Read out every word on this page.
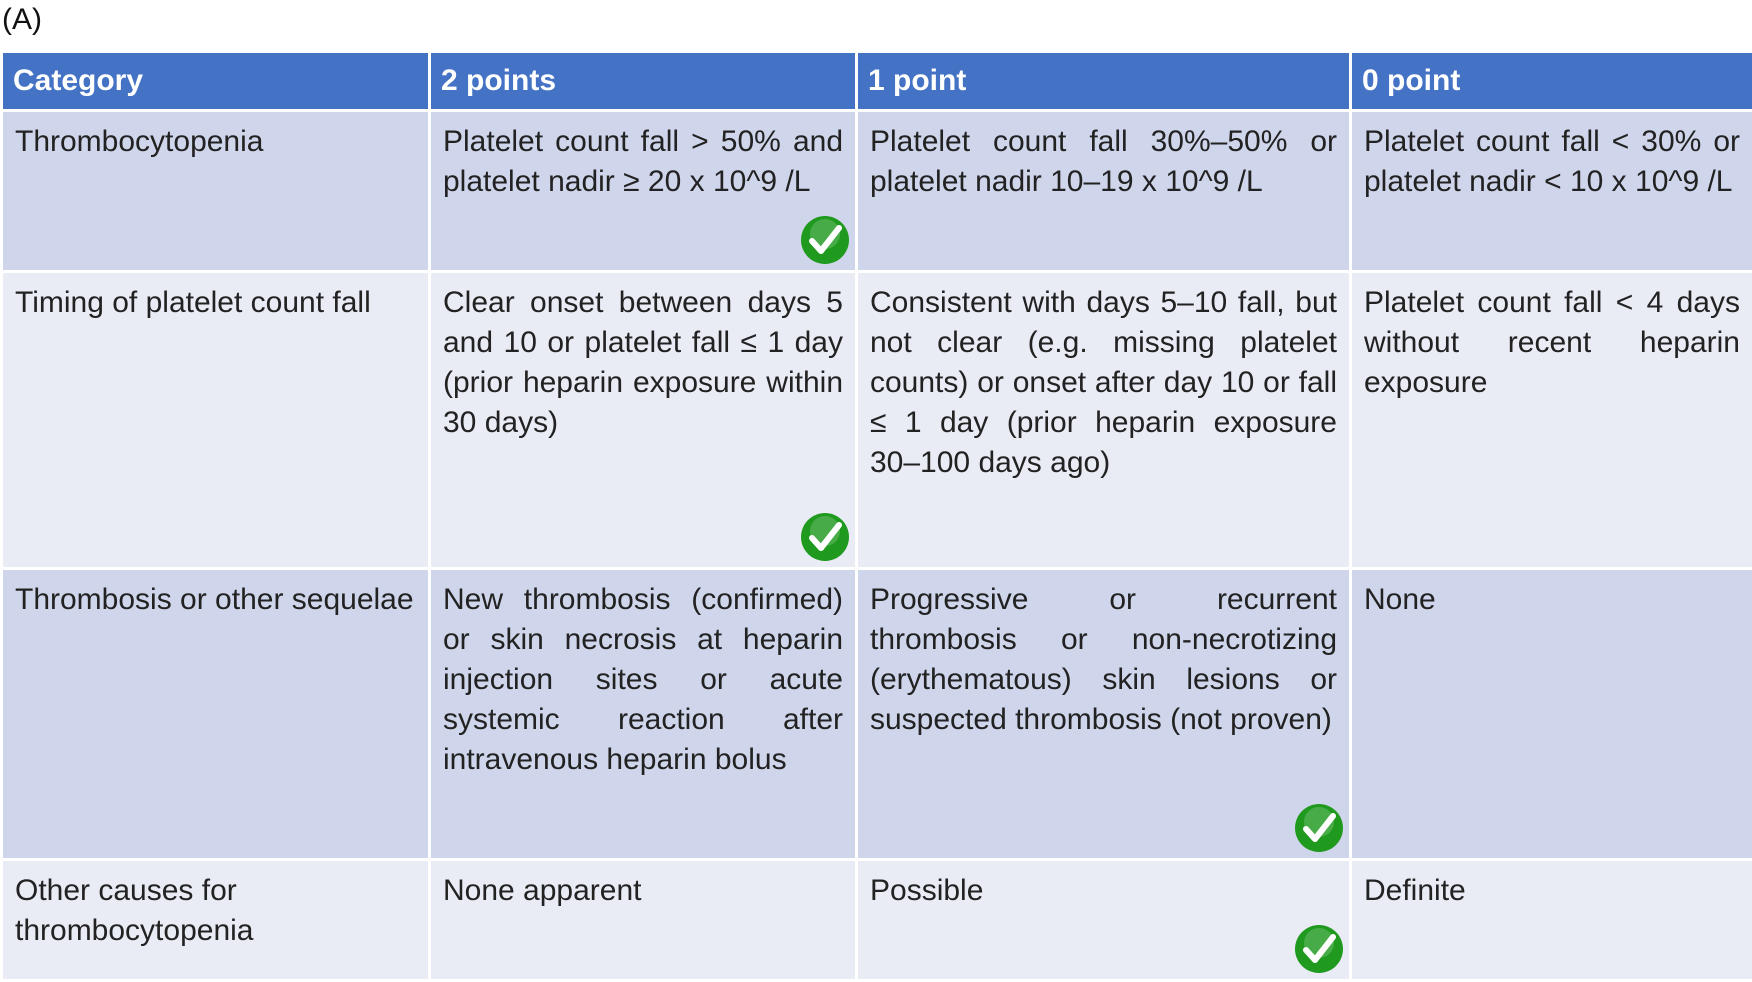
(A)
Category	2 points	1 point	0 point
Thrombocytopenia	Platelet count fall > 50% and platelet nadir ≥ 20 x 10^9 /L	Platelet count fall 30%–50% or platelet nadir 10–19 x 10^9 /L	Platelet count fall < 30% or platelet nadir < 10 x 10^9 /L
Timing of platelet count fall	Clear onset between days 5 and 10 or platelet fall ≤ 1 day (prior heparin exposure within 30 days)	Consistent with days 5–10 fall, but not clear (e.g. missing platelet counts) or onset after day 10 or fall ≤ 1 day (prior heparin exposure 30–100 days ago)	Platelet count fall < 4 days without recent heparin exposure
Thrombosis or other sequelae	New thrombosis (confirmed) or skin necrosis at heparin injection sites or acute systemic reaction after intravenous heparin bolus	Progressive or recurrent thrombosis or non-necrotizing (erythematous) skin lesions or suspected thrombosis (not proven)	None
Other causes for thrombocytopenia	None apparent	Possible	Definite
